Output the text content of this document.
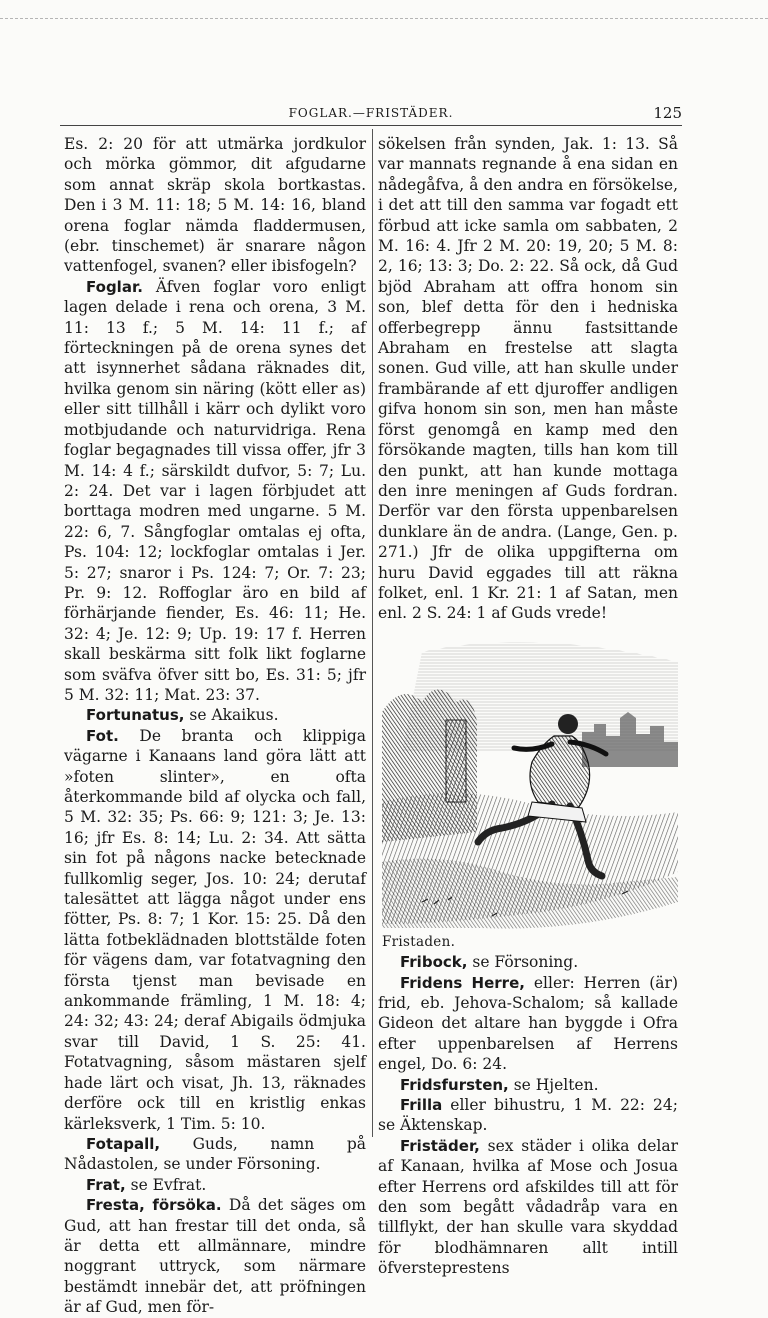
FOGLAR.—FRISTÄDER.	125

Es. 2: 20 för att utmärka jordkulor och mörka gömmor, dit afgudarne som annat skräp skola bortkastas. Den i 3 M. 11: 18; 5 M. 14: 16, bland orena foglar nämda fladdermusen, (ebr. tinschemet) är snarare någon vattenfogel, svanen? eller ibisfogeln?

Foglar. Äfven foglar voro enligt lagen delade i rena och orena, 3 M. 11: 13 f.; 5 M. 14: 11 f.; af förteckningen på de orena synes det att isynnerhet sådana räknades dit, hvilka genom sin näring (kött eller as) eller sitt tillhåll i kärr och dylikt voro motbjudande och naturvidriga. Rena foglar begagnades till vissa offer, jfr 3 M. 14: 4 f.; särskildt dufvor, 5: 7; Lu. 2: 24. Det var i lagen förbjudet att borttaga modren med ungarne. 5 M. 22: 6, 7. Sångfoglar omtalas ej ofta, Ps. 104: 12; lockfoglar omtalas i Jer. 5: 27; snaror i Ps. 124: 7; Or. 7: 23; Pr. 9: 12. Roffoglar äro en bild af förhärjande fiender, Es. 46: 11; He. 32: 4; Je. 12: 9; Up. 19: 17 f. Herren skall beskärma sitt folk likt foglarne som sväfva öfver sitt bo, Es. 31: 5; jfr 5 M. 32: 11; Mat. 23: 37.

Fortunatus, se Akaikus.

Fot. De branta och klippiga vägarne i Kanaans land göra lätt att »foten slinter», en ofta återkommande bild af olycka och fall, 5 M. 32: 35; Ps. 66: 9; 121: 3; Je. 13: 16; jfr Es. 8: 14; Lu. 2: 34. Att sätta sin fot på någons nacke betecknade fullkomlig seger, Jos. 10: 24; derutaf talesättet att lägga något under ens fötter, Ps. 8: 7; 1 Kor. 15: 25. Då den lätta fotbeklädnaden blottstälde foten för vägens dam, var fotatvagning den första tjenst man bevisade en ankommande främling, 1 M. 18: 4; 24: 32; 43: 24; deraf Abigails ödmjuka svar till David, 1 S. 25: 41. Fotatvagning, såsom mästaren sjelf hade lärt och visat, Jh. 13, räknades derföre ock till en kristlig enkas kärleksverk, 1 Tim. 5: 10.

Fotapall, Guds, namn på Nådastolen, se under Försoning.

Frat, se Evfrat.

Fresta, försöka. Då det säges om Gud, att han frestar till det onda, så är detta ett allmännare, mindre noggrant uttryck, som närmare bestämdt innebär det, att pröfningen är af Gud, men för-

sökelsen från synden, Jak. 1: 13. Så var mannats regnande å ena sidan en nådegåfva, å den andra en försökelse, i det att till den samma var fogadt ett förbud att icke samla om sabbaten, 2 M. 16: 4. Jfr 2 M. 20: 19, 20; 5 M. 8: 2, 16; 13: 3; Do. 2: 22. Så ock, då Gud bjöd Abraham att offra honom sin son, blef detta för den i hedniska offerbegrepp ännu fastsittande Abraham en frestelse att slagta sonen. Gud ville, att han skulle under frambärande af ett djuroffer andligen gifva honom sin son, men han måste först genomgå en kamp med den försökande magten, tills han kom till den punkt, att han kunde mottaga den inre meningen af Guds fordran. Derför var den första uppenbarelsen dunklare än de andra. (Lange, Gen. p. 271.) Jfr de olika uppgifterna om huru David eggades till att räkna folket, enl. 1 Kr. 21: 1 af Satan, men enl. 2 S. 24: 1 af Guds vrede!

Fristaden.

Fribock, se Försoning.

Fridens Herre, eller: Herren (är) frid, eb. Jehova-Schalom; så kallade Gideon det altare han byggde i Ofra efter uppenbarelsen af Herrens engel, Do. 6: 24.

Fridsfursten, se Hjelten.

Frilla eller bihustru, 1 M. 22: 24; se Äktenskap.

Fristäder, sex städer i olika delar af Kanaan, hvilka af Mose och Josua efter Herrens ord afskildes till att för den som begått vådadråp vara en tillflykt, der han skulle vara skyddad för blodhämnaren allt intill öfversteprestens
